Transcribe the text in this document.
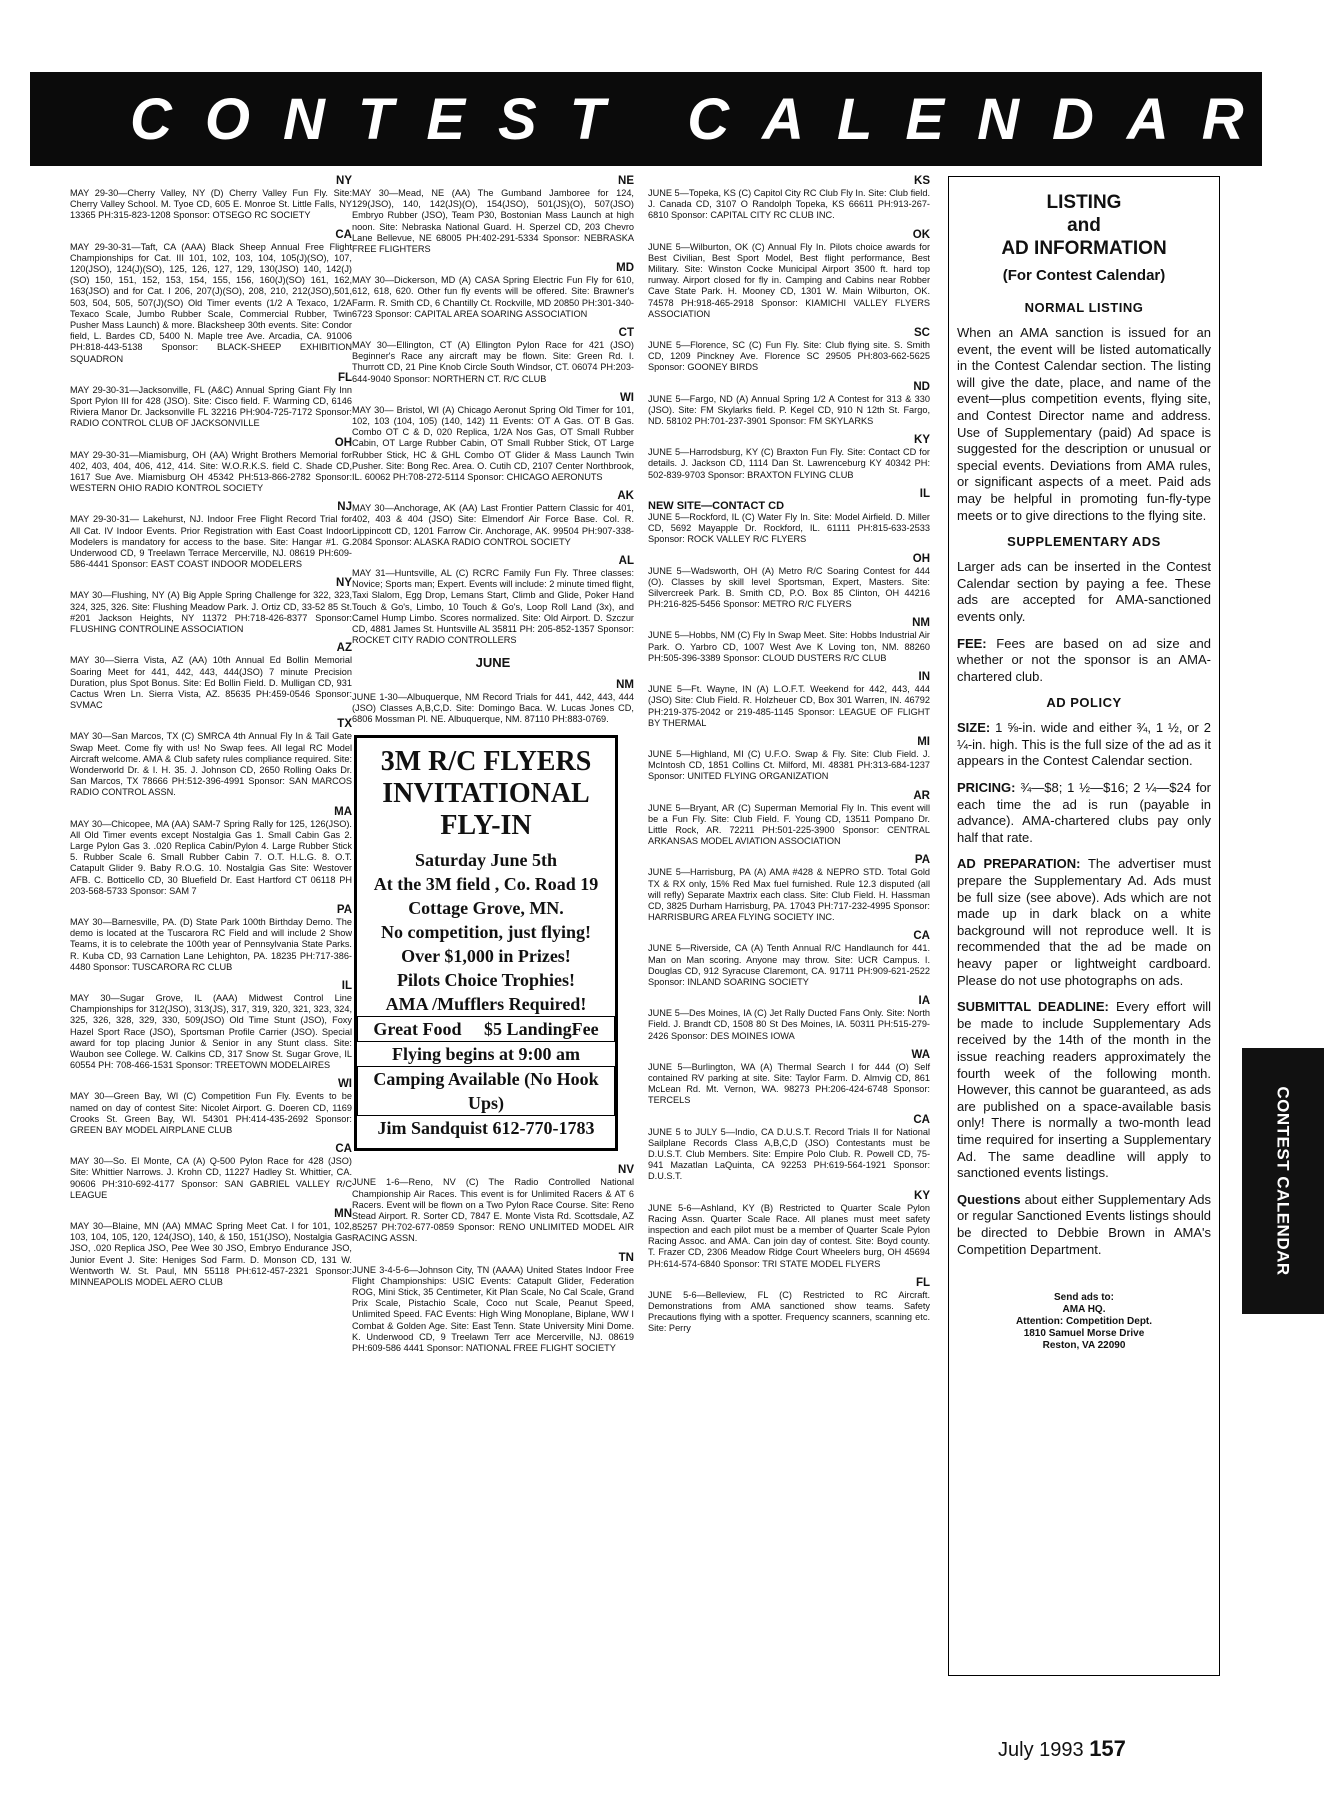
CONTEST CALENDAR
NY

MAY 29-30—Cherry Valley, NY (D) Cherry Valley Fun Fly. Site: Cherry Valley School. M. Tyoe CD, 605 E. Monroe St. Little Falls, NY 13365 PH:315-823-1208 Sponsor: OTSEGO RC SOCIETY

CA

MAY 29-30-31—Taft, CA (AAA) Black Sheep Annual Free Flight Championships for Cat. III 101, 102, 103, 104, 105(J)(SO), 107, 120(JSO), 124(J)(SO), 125, 126, 127, 129, 130(JSO) 140, 142(J)(SO) 150, 151, 152, 153, 154, 155, 156, 160(J)(SO) 161, 162, 163(JSO) and for Cat. I 206, 207(J)(SO), 208, 210, 212(JSO),501, 503, 504, 505, 507(J)(SO) Old Timer events (1/2 A Texaco, 1/2A Texaco Scale, Jumbo Rubber Scale, Commercial Rubber, Twin Pusher Mass Launch) & more. Blacksheep 30th events. Site: Condor field, L. Bardes CD, 5400 N. Maple tree Ave. Arcadia, CA. 91006 PH:818-443-5138 Sponsor: BLACK-SHEEP EXHIBITION SQUADRON

FL

MAY 29-30-31—Jacksonville, FL (A&C) Annual Spring Giant Fly Inn Sport Pylon III for 428 (JSO). Site: Cisco field. F. Warming CD, 6146 Riviera Manor Dr. Jacksonville FL 32216 PH:904-725-7172 Sponsor: RADIO CONTROL CLUB OF JACKSONVILLE

OH

MAY 29-30-31—Miamisburg, OH (AA) Wright Brothers Memorial for 402, 403, 404, 406, 412, 414. Site: W.O.R.K.S. field C. Shade CD, 1617 Sue Ave. Miamisburg OH 45342 PH:513-866-2782 Sponsor: WESTERN OHIO RADIO KONTROL SOCIETY

NJ

MAY 29-30-31— Lakehurst, NJ. Indoor Free Flight Record Trial for All Cat. IV Indoor Events. Prior Registration with East Coast Indoor Modelers is mandatory for access to the base. Site: Hangar #1. G. Underwood CD, 9 Treelawn Terrace Mercerville, NJ. 08619 PH:609-586-4441 Sponsor: EAST COAST INDOOR MODELERS

NY

MAY 30—Flushing, NY (A) Big Apple Spring Challenge for 322, 323, 324, 325, 326. Site: Flushing Meadow Park. J. Ortiz CD, 33-52 85 St. #201 Jackson Heights, NY 11372 PH:718-426-8377 Sponsor: FLUSHING CONTROLINE ASSOCIATION

AZ

MAY 30—Sierra Vista, AZ (AA) 10th Annual Ed Bollin Memorial Soaring Meet for 441, 442, 443, 444(JSO) 7 minute Precision Duration, plus Spot Bonus. Site: Ed Bollin Field. D. Mulligan CD, 931 Cactus Wren Ln. Sierra Vista, AZ. 85635 PH:459-0546 Sponsor: SVMAC

TX

MAY 30—San Marcos, TX (C) SMRCA 4th Annual Fly In & Tail Gate Swap Meet. Come fly with us! No Swap fees. All legal RC Model Aircraft welcome. AMA & Club safety rules compliance required. Site: Wonderworld Dr. & I. H. 35. J. Johnson CD, 2650 Rolling Oaks Dr. San Marcos, TX 78666 PH:512-396-4991 Sponsor: SAN MARCOS RADIO CONTROL ASSN.

MA

MAY 30—Chicopee, MA (AA) SAM-7 Spring Rally for 125, 126(JSO). All Old Timer events except Nostalgia Gas 1. Small Cabin Gas 2. Large Pylon Gas 3. .020 Replica Cabin/Pylon 4. Large Rubber Stick 5. Rubber Scale 6. Small Rubber Cabin 7. O.T. H.L.G. 8. O.T. Catapult Glider 9. Baby R.O.G. 10. Nostalgia Gas Site: Westover AFB. C. Botticello CD, 30 Bluefield Dr. East Hartford CT 06118 PH 203-568-5733 Sponsor: SAM 7

PA

MAY 30—Barnesville, PA. (D) State Park 100th Birthday Demo. The demo is located at the Tuscarora RC Field and will include 2 Show Teams, it is to celebrate the 100th year of Pennsylvania State Parks. R. Kuba CD, 93 Carnation Lane Lehighton, PA. 18235 PH:717-386-4480 Sponsor: TUSCARORA RC CLUB

IL

MAY 30—Sugar Grove, IL (AAA) Midwest Control Line Championships for 312(JSO), 313(JS), 317, 319, 320, 321, 323, 324, 325, 326, 328, 329, 330, 509(JSO) Old Time Stunt (JSO), Foxy Hazel Sport Race (JSO), Sportsman Profile Carrier (JSO). Special award for top placing Junior & Senior in any Stunt class. Site: Waubon see College. W. Calkins CD, 317 Snow St. Sugar Grove, IL 60554 PH: 708-466-1531 Sponsor: TREETOWN MODELAIRES

WI

MAY 30—Green Bay, WI (C) Competition Fun Fly. Events to be named on day of contest Site: Nicolet Airport. G. Doeren CD, 1169 Crooks St. Green Bay, WI. 54301 PH:414-435-2692 Sponsor: GREEN BAY MODEL AIRPLANE CLUB

CA

MAY 30—So. El Monte, CA (A) Q-500 Pylon Race for 428 (JSO) Site: Whittier Narrows. J. Krohn CD, 11227 Hadley St. Whittier, CA. 90606 PH:310-692-4177 Sponsor: SAN GABRIEL VALLEY R/C LEAGUE

MN

MAY 30—Blaine, MN (AA) MMAC Spring Meet Cat. I for 101, 102, 103, 104, 105, 120, 124(JSO), 140, & 150, 151(JSO), Nostalgia Gas JSO, .020 Replica JSO, Pee Wee 30 JSO, Embryo Endurance JSO, Junior Event J. Site: Heniges Sod Farm. D. Monson CD, 131 W. Wentworth W. St. Paul, MN 55118 PH:612-457-2321 Sponsor: MINNEAPOLIS MODEL AERO CLUB

NE

MAY 30—Mead, NE (AA) The Gumband Jamboree for 124, 129(JSO), 140, 142(JS)(O), 154(JSO), 501(JS)(O), 507(JSO) Embryo Rubber (JSO), Team P30, Bostonian Mass Launch at high noon. Site: Nebraska National Guard. H. Sperzel CD, 203 Chevro Lane Bellevue, NE 68005 PH:402-291-5334 Sponsor: NEBRASKA FREE FLIGHTERS

MD

MAY 30—Dickerson, MD (A) CASA Spring Electric Fun Fly for 610, 612, 618, 620. Other fun fly events will be offered. Site: Brawner's Farm. R. Smith CD, 6 Chantilly Ct. Rockville, MD 20850 PH:301-340-6723 Sponsor: CAPITAL AREA SOARING ASSOCIATION

CT

MAY 30—Ellington, CT (A) Ellington Pylon Race for 421 (JSO) Beginner's Race any aircraft may be flown. Site: Green Rd. I. Thurrott CD, 21 Pine Knob Circle South Windsor, CT. 06074 PH:203-644-9040 Sponsor: NORTHERN CT. R/C CLUB

WI

MAY 30— Bristol, WI (A) Chicago Aeronut Spring Old Timer for 101, 102, 103 (104, 105) (140, 142) 11 Events: OT A Gas. OT B Gas. Combo OT C & D, 020 Replica, 1/2A Nos Gas, OT Small Rubber Cabin, OT Large Rubber Cabin, OT Small Rubber Stick, OT Large Rubber Stick, HC & GHL Combo OT Glider & Mass Launch Twin Pusher. Site: Bong Rec. Area. O. Cutih CD, 2107 Center Northbrook, IL. 60062 PH:708-272-5114 Sponsor: CHICAGO AERONUTS

AK

MAY 30—Anchorage, AK (AA) Last Frontier Pattern Classic for 401, 402, 403 & 404 (JSO) Site: Elmendorf Air Force Base. Col. R. Lippincott CD, 1201 Farrow Cir. Anchorage, AK. 99504 PH:907-338-2084 Sponsor: ALASKA RADIO CONTROL SOCIETY

AL

MAY 31—Huntsville, AL (C) RCRC Family Fun Fly. Three classes: Novice; Sports man; Expert. Events will include: 2 minute timed flight, Taxi Slalom, Egg Drop, Lemans Start, Climb and Glide, Poker Hand Touch & Go's, Limbo, 10 Touch & Go's, Loop Roll Land (3x), and Camel Hump Limbo. Scores normalized. Site: Old Airport. D. Szczur CD, 4881 James St. Huntsville AL 35811 PH: 205-852-1357 Sponsor: ROCKET CITY RADIO CONTROLLERS

JUNE
NM

JUNE 1-30—Albuquerque, NM Record Trials for 441, 442, 443, 444 (JSO) Classes A,B,C,D. Site: Domingo Baca. W. Lucas Jones CD, 6806 Mossman Pl. NE. Albuquerque, NM. 87110 PH:883-0769.

3M R/C FLYERS
INVITATIONAL
FLY-IN
Saturday June 5th
At the 3M field , Co. Road 19
Cottage Grove, MN.
No competition, just flying!
Over $1,000 in Prizes!
Pilots Choice Trophies!
AMA /Mufflers Required!
Great Food     $5 LandingFee
Flying begins at 9:00 am
Camping Available (No Hook Ups)
Jim Sandquist 612-770-1783
NV

JUNE 1-6—Reno, NV (C) The Radio Controlled National Championship Air Races. This event is for Unlimited Racers & AT 6 Racers. Event will be flown on a Two Pylon Race Course. Site: Reno Stead Airport. R. Sorter CD, 7847 E. Monte Vista Rd. Scottsdale, AZ 85257 PH:702-677-0859 Sponsor: RENO UNLIMITED MODEL AIR RACING ASSN.

TN

JUNE 3-4-5-6—Johnson City, TN (AAAA) United States Indoor Free Flight Championships: USIC Events: Catapult Glider, Federation ROG, Mini Stick, 35 Centimeter, Kit Plan Scale, No Cal Scale, Grand Prix Scale, Pistachio Scale, Coco nut Scale, Peanut Speed, Unlimited Speed. FAC Events: High Wing Monoplane, Biplane, WW I Combat & Golden Age. Site: East Tenn. State University Mini Dome. K. Underwood CD, 9 Treelawn Terr ace Mercerville, NJ. 08619 PH:609-586 4441 Sponsor: NATIONAL FREE FLIGHT SOCIETY

KS

JUNE 5—Topeka, KS (C) Capitol City RC Club Fly In. Site: Club field. J. Canada CD, 3107 O Randolph Topeka, KS 66611 PH:913-267-6810 Sponsor: CAPITAL CITY RC CLUB INC.

OK

JUNE 5—Wilburton, OK (C) Annual Fly In. Pilots choice awards for Best Civilian, Best Sport Model, Best flight performance, Best Military. Site: Winston Cocke Municipal Airport 3500 ft. hard top runway. Airport closed for fly in. Camping and Cabins near Robber Cave State Park. H. Mooney CD, 1301 W. Main Wilburton, OK. 74578 PH:918-465-2918 Sponsor: KIAMICHI VALLEY FLYERS ASSOCIATION

SC

JUNE 5—Florence, SC (C) Fun Fly. Site: Club flying site. S. Smith CD, 1209 Pinckney Ave. Florence SC 29505 PH:803-662-5625 Sponsor: GOONEY BIRDS

ND

JUNE 5—Fargo, ND (A) Annual Spring 1/2 A Contest for 313 & 330 (JSO). Site: FM Skylarks field. P. Kegel CD, 910 N 12th St. Fargo, ND. 58102 PH:701-237-3901 Sponsor: FM SKYLARKS

KY

JUNE 5—Harrodsburg, KY (C) Braxton Fun Fly. Site: Contact CD for details. J. Jackson CD, 1114 Dan St. Lawrenceburg KY 40342 PH: 502-839-9703 Sponsor: BRAXTON FLYING CLUB

IL
NEW SITE—CONTACT CD

JUNE 5—Rockford, IL (C) Water Fly In. Site: Model Airfield. D. Miller CD, 5692 Mayapple Dr. Rockford, IL. 61111 PH:815-633-2533 Sponsor: ROCK VALLEY R/C FLYERS

OH

JUNE 5—Wadsworth, OH (A) Metro R/C Soaring Contest for 444 (O). Classes by skill level Sportsman, Expert, Masters. Site: Silvercreek Park. B. Smith CD, P.O. Box 85 Clinton, OH 44216 PH:216-825-5456 Sponsor: METRO R/C FLYERS

NM

JUNE 5—Hobbs, NM (C) Fly In Swap Meet. Site: Hobbs Industrial Air Park. O. Yarbro CD, 1007 West Ave K Loving ton, NM. 88260 PH:505-396-3389 Sponsor: CLOUD DUSTERS R/C CLUB

IN

JUNE 5—Ft. Wayne, IN (A) L.O.F.T. Weekend for 442, 443, 444 (JSO) Site: Club Field. R. Holzheuer CD, Box 301 Warren, IN. 46792 PH:219-375-2042 or 219-485-1145 Sponsor: LEAGUE OF FLIGHT BY THERMAL

MI

JUNE 5—Highland, MI (C) U.F.O. Swap & Fly. Site: Club Field. J. McIntosh CD, 1851 Collins Ct. Milford, MI. 48381 PH:313-684-1237 Sponsor: UNITED FLYING ORGANIZATION

AR

JUNE 5—Bryant, AR (C) Superman Memorial Fly In. This event will be a Fun Fly. Site: Club Field. F. Young CD, 13511 Pompano Dr. Little Rock, AR. 72211 PH:501-225-3900 Sponsor: CENTRAL ARKANSAS MODEL AVIATION ASSOCIATION

PA

JUNE 5—Harrisburg, PA (A) AMA #428 & NEPRO STD. Total Gold TX & RX only, 15% Red Max fuel furnished. Rule 12.3 disputed (all will refly) Separate Maxtrix each class. Site: Club Field. H. Hassman CD, 3825 Durham Harrisburg, PA. 17043 PH:717-232-4995 Sponsor: HARRISBURG AREA FLYING SOCIETY INC.

CA

JUNE 5—Riverside, CA (A) Tenth Annual R/C Handlaunch for 441. Man on Man scoring. Anyone may throw. Site: UCR Campus. I. Douglas CD, 912 Syracuse Claremont, CA. 91711 PH:909-621-2522 Sponsor: INLAND SOARING SOCIETY

IA

JUNE 5—Des Moines, IA (C) Jet Rally Ducted Fans Only. Site: North Field. J. Brandt CD, 1508 80 St Des Moines, IA. 50311 PH:515-279-2426 Sponsor: DES MOINES IOWA

WA

JUNE 5—Burlington, WA (A) Thermal Search I for 444 (O) Self contained RV parking at site. Site: Taylor Farm. D. Almvig CD, 861 McLean Rd. Mt. Vernon, WA. 98273 PH:206-424-6748 Sponsor: TERCELS

CA

JUNE 5 to JULY 5—Indio, CA D.U.S.T. Record Trials II for National Sailplane Records Class A,B,C,D (JSO) Contestants must be D.U.S.T. Club Members. Site: Empire Polo Club. R. Powell CD, 75-941 Mazatlan LaQuinta, CA 92253 PH:619-564-1921 Sponsor: D.U.S.T.

KY

JUNE 5-6—Ashland, KY (B) Restricted to Quarter Scale Pylon Racing Assn. Quarter Scale Race. All planes must meet safety inspection and each pilot must be a member of Quarter Scale Pylon Racing Assoc. and AMA. Can join day of contest. Site: Boyd county. T. Frazer CD, 2306 Meadow Ridge Court Wheelers burg, OH 45694 PH:614-574-6840 Sponsor: TRI STATE MODEL FLYERS

FL

JUNE 5-6—Belleview, FL (C) Restricted to RC Aircraft. Demonstrations from AMA sanctioned show teams. Safety Precautions flying with a spotter. Frequency scanners, scanning etc. Site: Perry

LISTING
and
AD INFORMATION
(For Contest Calendar)
NORMAL LISTING

When an AMA sanction is issued for an event, the event will be listed automatically in the Contest Calendar section. The listing will give the date, place, and name of the event—plus competition events, flying site, and Contest Director name and address. Use of Supplementary (paid) Ad space is suggested for the description or unusual or special events. Deviations from AMA rules, or significant aspects of a meet. Paid ads may be helpful in promoting fun-fly-type meets or to give directions to the flying site.

SUPPLEMENTARY ADS

Larger ads can be inserted in the Contest Calendar section by paying a fee. These ads are accepted for AMA-sanctioned events only.

FEE: Fees are based on ad size and whether or not the sponsor is an AMA-chartered club.

AD POLICY

SIZE: 1 ⅝-in. wide and either ¾, 1 ½, or 2 ¼-in. high. This is the full size of the ad as it appears in the Contest Calendar section.

PRICING: ¾—$8; 1 ½—$16; 2 ¼—$24 for each time the ad is run (payable in advance). AMA-chartered clubs pay only half that rate.

AD PREPARATION: The advertiser must prepare the Supplementary Ad. Ads must be full size (see above). Ads which are not made up in dark black on a white background will not reproduce well. It is recommended that the ad be made on heavy paper or lightweight cardboard. Please do not use photographs on ads.

SUBMITTAL DEADLINE: Every effort will be made to include Supplementary Ads received by the 14th of the month in the issue reaching readers approximately the fourth week of the following month. However, this cannot be guaranteed, as ads are published on a space-available basis only! There is normally a two-month lead time required for inserting a Supplementary Ad. The same deadline will apply to sanctioned events listings.

Questions about either Supplementary Ads or regular Sanctioned Events listings should be directed to Debbie Brown in AMA's Competition Department.

Send ads to:
AMA HQ.
Attention: Competition Dept.
1810 Samuel Morse Drive
Reston, VA 22090
CONTEST CALENDAR
July 1993 157
